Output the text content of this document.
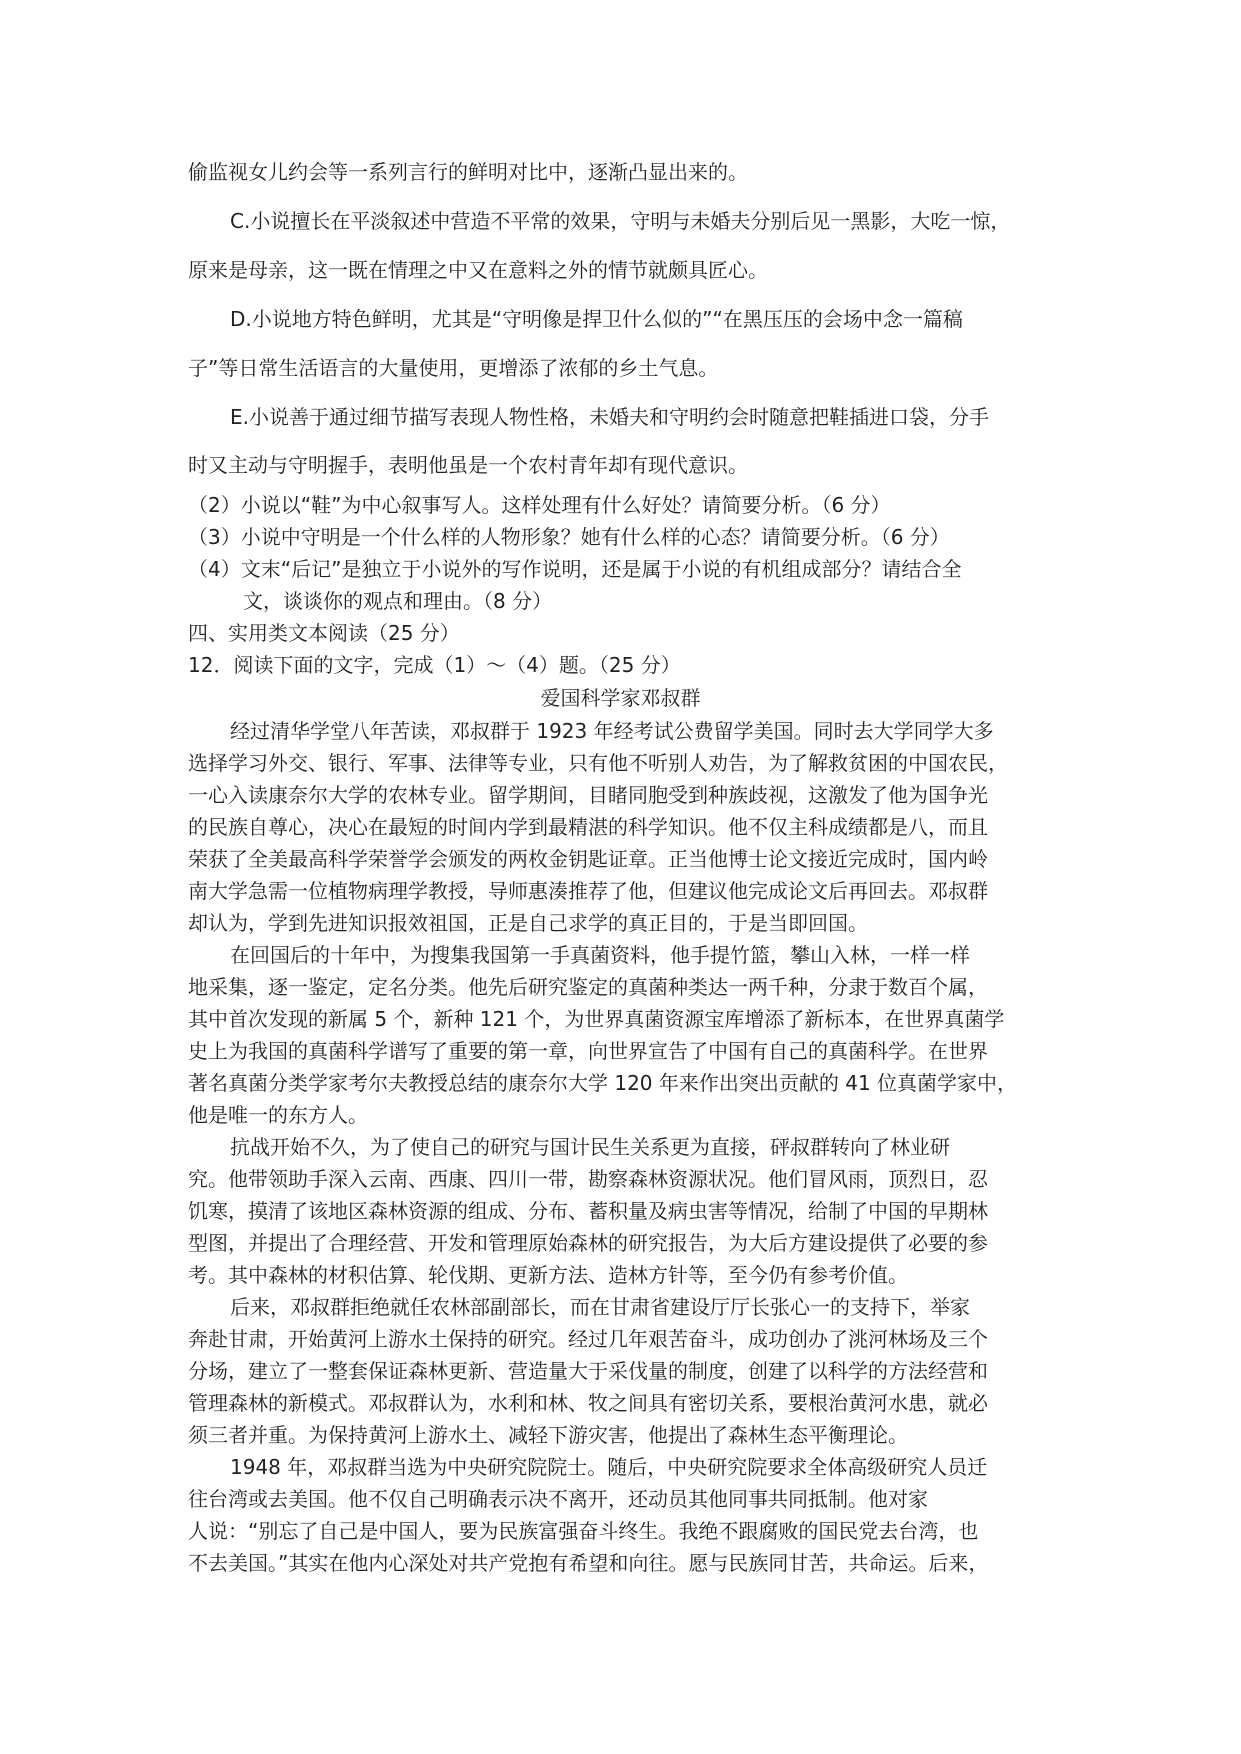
偷监视女儿约会等一系列言行的鲜明对比中，逐渐凸显出来的。
C.小说擅长在平淡叙述中营造不平常的效果，守明与未婚夫分别后见一黑影，大吃一惊，
原来是母亲，这一既在情理之中又在意料之外的情节就颇具匠心。
D.小说地方特色鲜明，尤其是“守明像是捍卫什么似的”“在黑压压的会场中念一篇稿
子”等日常生活语言的大量使用，更增添了浓郁的乡土气息。
E.小说善于通过细节描写表现人物性格，未婚夫和守明约会时随意把鞋插进口袋，分手
时又主动与守明握手，表明他虽是一个农村青年却有现代意识。
（2）小说以“鞋”为中心叙事写人。这样处理有什么好处？请简要分析。（6 分）
（3）小说中守明是一个什么样的人物形象？她有什么样的心态？请简要分析。（6 分）
（4）文末“后记”是独立于小说外的写作说明，还是属于小说的有机组成部分？请结合全
文，谈谈你的观点和理由。（8 分）
四、实用类文本阅读（25 分）
12．阅读下面的文字，完成（1）～（4）题。（25 分）
爱国科学家邓叔群
经过清华学堂八年苦读，邓叔群于 1923 年经考试公费留学美国。同时去大学同学大多
选择学习外交、银行、军事、法律等专业，只有他不听别人劝告，为了解救贫困的中国农民，
一心入读康奈尔大学的农林专业。留学期间，目睹同胞受到种族歧视，这激发了他为国争光
的民族自尊心，决心在最短的时间内学到最精湛的科学知识。他不仅主科成绩都是八，而且
荣获了全美最高科学荣誉学会颁发的两枚金钥匙证章。正当他博士论文接近完成时，国内岭
南大学急需一位植物病理学教授，导师惠湊推荐了他，但建议他完成论文后再回去。邓叔群
却认为，学到先进知识报效祖国，正是自己求学的真正目的，于是当即回国。
在回国后的十年中，为搜集我国第一手真菌资料，他手提竹篮，攀山入林，一样一样
地采集，逐一鉴定，定名分类。他先后研究鉴定的真菌种类达一两千种，分隶于数百个属，
其中首次发现的新属 5 个，新种 121 个，为世界真菌资源宝库增添了新标本，在世界真菌学
史上为我国的真菌科学谱写了重要的第一章，向世界宣告了中国有自己的真菌科学。在世界
著名真菌分类学家考尔夫教授总结的康奈尔大学 120 年来作出突出贡献的 41 位真菌学家中，
他是唯一的东方人。
抗战开始不久，为了使自己的研究与国计民生关系更为直接，砰叔群转向了林业研
究。他带领助手深入云南、西康、四川一带，勘察森林资源状况。他们冒风雨，顶烈日，忍
饥寒，摸清了该地区森林资源的组成、分布、蓄积量及病虫害等情况，给制了中国的早期林
型图，并提出了合理经营、开发和管理原始森林的研究报告，为大后方建设提供了必要的参
考。其中森林的材积估算、轮伐期、更新方法、造林方针等，至今仍有参考价值。
后来，邓叔群拒绝就任农林部副部长，而在甘肃省建设厅厅长张心一的支持下，举家
奔赴甘肃，开始黄河上游水土保持的研究。经过几年艰苦奋斗，成功创办了洮河林场及三个
分场，建立了一整套保证森林更新、营造量大于采伐量的制度，创建了以科学的方法经营和
管理森林的新模式。邓叔群认为，水利和林、牧之间具有密切关系，要根治黄河水患，就必
须三者并重。为保持黄河上游水土、减轻下游灾害，他提出了森林生态平衡理论。
1948 年，邓叔群当选为中央研究院院士。随后，中央研究院要求全体高级研究人员迁
往台湾或去美国。他不仅自己明确表示决不离开，还动员其他同事共同抵制。他对家
人说：“别忘了自己是中国人，要为民族富强奋斗终生。我绝不跟腐败的国民党去台湾，也
不去美国。”其实在他内心深处对共产党抱有希望和向往。愿与民族同甘苦，共命运。后来，
